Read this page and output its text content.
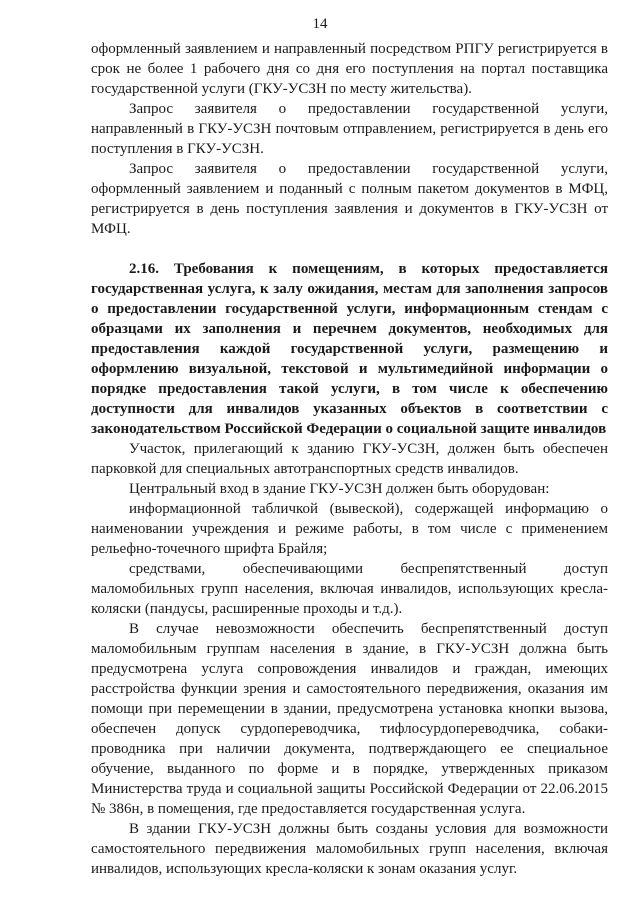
14

оформленный заявлением и направленный посредством РПГУ регистрируется в срок не более 1 рабочего дня со дня его поступления на портал поставщика государственной услуги (ГКУ-УСЗН по месту жительства).

Запрос заявителя о предоставлении государственной услуги, направленный в ГКУ-УСЗН почтовым отправлением, регистрируется в день его поступления в ГКУ-УСЗН.

Запрос заявителя о предоставлении государственной услуги, оформленный заявлением и поданный с полным пакетом документов в МФЦ, регистрируется в день поступления заявления и документов в ГКУ-УСЗН от МФЦ.

2.16. Требования к помещениям, в которых предоставляется государственная услуга, к залу ожидания, местам для заполнения запросов о предоставлении государственной услуги, информационным стендам с образцами их заполнения и перечнем документов, необходимых для предоставления каждой государственной услуги, размещению и оформлению визуальной, текстовой и мультимедийной информации о порядке предоставления такой услуги, в том числе к обеспечению доступности для инвалидов указанных объектов в соответствии с законодательством Российской Федерации о социальной защите инвалидов

Участок, прилегающий к зданию ГКУ-УСЗН, должен быть обеспечен парковкой для специальных автотранспортных средств инвалидов.

Центральный вход в здание ГКУ-УСЗН должен быть оборудован:

информационной табличкой (вывеской), содержащей информацию о наименовании учреждения и режиме работы, в том числе с применением рельефно-точечного шрифта Брайля;

средствами, обеспечивающими беспрепятственный доступ маломобильных групп населения, включая инвалидов, использующих кресла-коляски (пандусы, расширенные проходы и т.д.).

В случае невозможности обеспечить беспрепятственный доступ маломобильным группам населения в здание, в ГКУ-УСЗН должна быть предусмотрена услуга сопровождения инвалидов и граждан, имеющих расстройства функции зрения и самостоятельного передвижения, оказания им помощи при перемещении в здании, предусмотрена установка кнопки вызова, обеспечен допуск сурдопереводчика, тифлосурдопереводчика, собаки-проводника при наличии документа, подтверждающего ее специальное обучение, выданного по форме и в порядке, утвержденных приказом Министерства труда и социальной защиты Российской Федерации от 22.06.2015 № 386н, в помещения, где предоставляется государственная услуга.

В здании ГКУ-УСЗН должны быть созданы условия для возможности самостоятельного передвижения маломобильных групп населения, включая инвалидов, использующих кресла-коляски к зонам оказания услуг.
